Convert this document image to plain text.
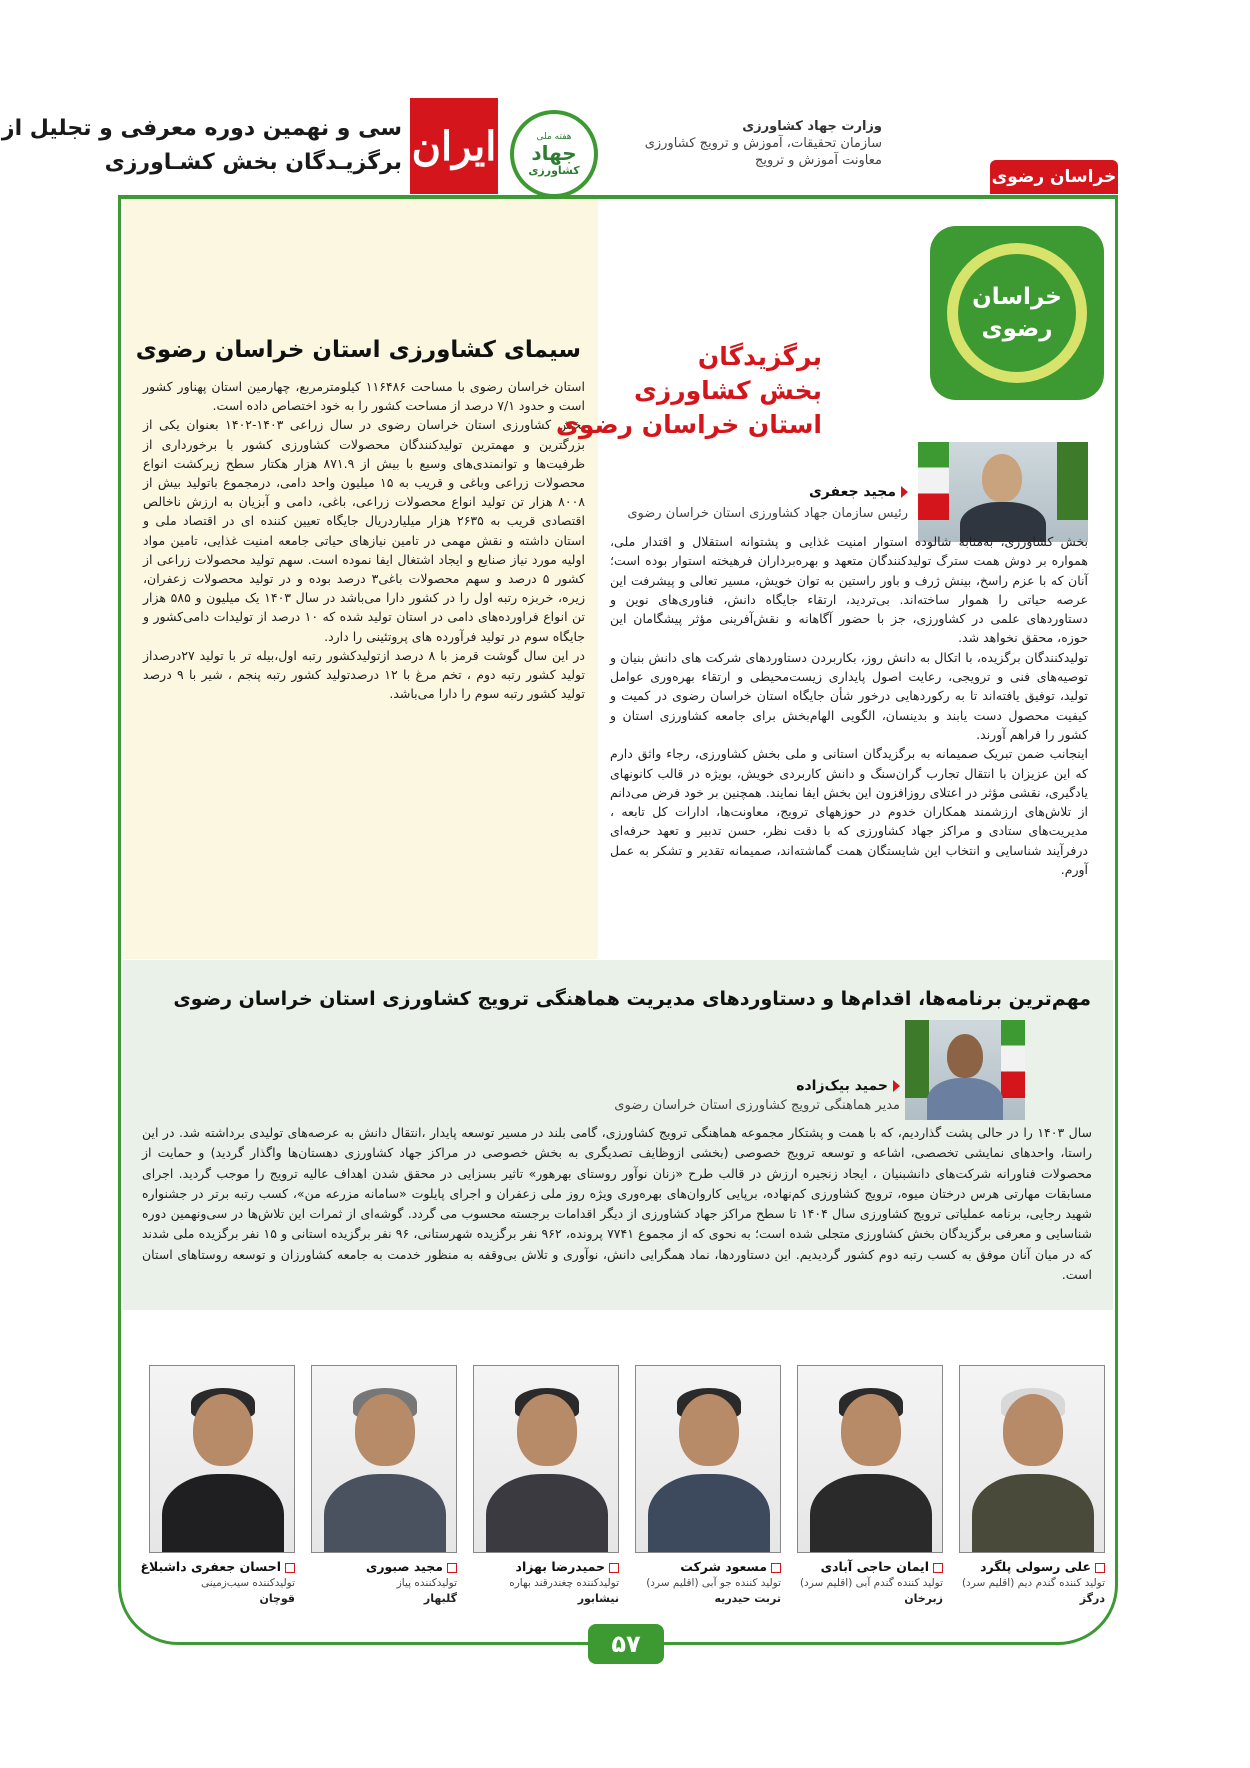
وزارت جهاد کشاورزی
سازمان تحقیقات، آموزش و ترویج کشاورزی
معاونت آموزش و ترویج
هفته ملی
جهاد
کشاورزی
ایران
سی و نهمین دوره معرفی و تجلیل از
برگزیـدگان بخش کشـاورزی
خراسان رضوی
سیمای کشاورزی استان خراسان رضوی

استان خراسان رضوی با مساحت ۱۱۶۴۸۶ کیلومترمربع، چهارمین استان پهناور کشور است و حدود ۷/۱ درصد از مساحت کشور را به خود اختصاص داده است.

بخش کشاورزی استان خراسان رضوی در سال زراعی ۱۴۰۳-۱۴۰۲ بعنوان یکی از بزرگترین و مهمترین تولیدکنندگان محصولات کشاورزی کشور با برخورداری از ظرفیت‌ها و توانمندی‌های وسیع با بیش از ۸۷۱.۹ هزار هکتار سطح زیرکشت انواع محصولات زراعی وباغی و قریب به ۱۵ میلیون واحد دامی، درمجموع باتولید بیش از ۸۰۰۸ هزار تن تولید انواع محصولات زراعی، باغی، دامی و آبزیان به ارزش ناخالص اقتصادی قریب به ۲۶۳۵ هزار میلیارد‌ریال جایگاه تعیین کننده ای در اقتصاد ملی و استان داشته و نقش مهمی در تامین نیازهای حیاتی جامعه امنیت غذایی، تامین مواد اولیه مورد نیاز صنایع و ایجاد اشتغال ایفا نموده است. سهم تولید محصولات زراعی از کشور ۵ درصد و سهم محصولات باغی۳ درصد بوده و در تولید محصولات زعفران، زیره، خربزه رتبه اول را در کشور دارا می‌باشد در سال ۱۴۰۳ یک میلیون و ۵۸۵ هزار تن انواع فراورده‌های دامی در استان تولید شده که ۱۰ درصد از تولیدات دامی‌کشور و جایگاه سوم در تولید فرآورده های پروتئینی را دارد.

در این سال گوشت قرمز با ۸ درصد ازتولیدکشور رتبه اول،بیله تر با تولید ۲۷درصداز تولید کشور رتبه دوم ، تخم مرغ با ۱۲ درصدتولید کشور رتبه پنجم ، شیر با ۹ درصد تولید کشور رتبه سوم را دارا می‌باشد.

خراسان
رضوی
برگزیدگان
بخش کشاورزی
استان خراسان رضوی
مجید جعفری
رئیس سازمان جهاد کشاورزی استان خراسان رضوی

بخش کشاورزی، به‌مثابه شالوده استوار امنیت غذایی و پشتوانه استقلال و اقتدار ملی، همواره بر دوش همت سترگ تولیدکنندگان متعهد و بهره‌برداران فرهیخته استوار بوده است؛ آنان که با عزم راسخ، بینش ژرف و باور راستین به توان خویش، مسیر تعالی و پیشرفت این عرصه حیاتی را هموار ساخته‌اند. بی‌تردید، ارتقاء جایگاه دانش، فناوری‌های نوین و دستاوردهای علمی در کشاورزی، جز با حضور آگاهانه و نقش‌آفرینی مؤثر پیشگامان این حوزه، محقق نخواهد شد.

تولیدکنندگان برگزیده، با اتکال به دانش روز، بکاربردن دستاوردهای شرکت های دانش بنیان و توصیه‌های فنی و ترویجی، رعایت اصول پایداری زیست‌محیطی و ارتقاء بهره‌وری عوامل تولید، توفیق یافته‌اند تا به رکوردهایی درخور شأن جایگاه استان خراسان رضوی در کمیت و کیفیت محصول دست یابند و بدینسان، الگویی الهام‌بخش برای جامعه کشاورزی استان و کشور را فراهم آورند.

اینجانب ضمن تبریک صمیمانه به برگزیدگان استانی و ملی بخش کشاورزی، رجاء واثق دارم که این عزیزان با انتقال تجارب گران‌سنگ و دانش کاربردی خویش، بویژه در قالب کانونهای یادگیری، نقشی مؤثر در اعتلای روزافزون این بخش ایفا نمایند. همچنین بر خود فرض می‌دانم از تلاش‌های ارزشمند همکاران خدوم در حوزههای ترویج، معاونت‌ها، ادارات کل تابعه ، مدیریت‌های ستادی و مراکز جهاد کشاورزی که با دقت نظر، حسن تدبیر و تعهد حرفه‌ای درفرآیند شناسایی و انتخاب این شایستگان همت گماشته‌اند، صمیمانه تقدیر و تشکر به عمل آورم.

مهم‌ترین برنامه‌ها، اقدام‌ها و دستاوردهای مدیریت هماهنگی ترویج کشاورزی استان خراسان رضوی
حمید بیک‌زاده
مدیر هماهنگی ترویج کشاورزی استان خراسان رضوی

سال ۱۴۰۳ را در حالی پشت گذاردیم، که با همت و پشتکار مجموعه هماهنگی ترویج کشاورزی، گامی بلند در مسیر توسعه پایدار ،انتقال دانش به عرصه‌های تولیدی برداشته شد. در این راستا، واحدهای نمایشی تخصصی، اشاعه و توسعه ترویج خصوصی (بخشی ازوظایف تصدیگری به بخش خصوصی در مراکز جهاد کشاورزی دهستان‌ها واگذار گردید) و حمایت از محصولات فناورانه شرکت‌های دانشبنیان ، ایجاد زنجیره ارزش در قالب طرح «زنان نوآور روستای بهرهور» تاثیر بسزایی در محقق شدن اهداف عالیه ترویج را موجب گردید. اجرای مسابقات مهارتی هرس درختان میوه، ترویج کشاورزی کم‌نهاده، برپایی کاروان‌های بهره‌وری ویژه روز ملی زعفران و اجرای پایلوت «سامانه مزرعه من»، کسب رتبه برتر در جشنواره شهید رجایی، برنامه عملیاتی ترویج کشاورزی سال ۱۴۰۴ تا سطح مراکز جهاد کشاورزی از دیگر اقدامات برجسته محسوب می گردد. گوشه‌ای از ثمرات این تلاش‌ها در سی‌ونهمین دوره شناسایی و معرفی برگزیدگان بخش کشاورزی متجلی شده است؛ به نحوی که از مجموع ۷۷۴۱ پرونده، ۹۶۲ نفر برگزیده شهرستانی، ۹۶ نفر برگزیده استانی و ۱۵ نفر برگزیده ملی شدند که در میان آنان موفق به کسب رتبه دوم کشور گردیدیم. این دستاوردها، نماد همگرایی دانش، نوآوری و تلاش بی‌وقفه به منظور خدمت به جامعه کشاورزان و توسعه روستاهای استان است.

علی رسولی پلگرد
تولید کننده گندم دیم (اقلیم سرد)
درگز
ایمان حاجی آبادی
تولید کننده گندم آبی (اقلیم سرد)
زبرخان
مسعود شرکت
تولید کننده جو آبی (اقلیم سرد)
تربت حیدریه
حمیدرضا بهزاد
تولیدکننده چغندرقند بهاره
نیشابور
مجید صبوری
تولیدکننده پیاز
گلبهار
احسان جعفری داشبلاغ
تولیدکننده سیب‌زمینی
قوچان
۵۷
